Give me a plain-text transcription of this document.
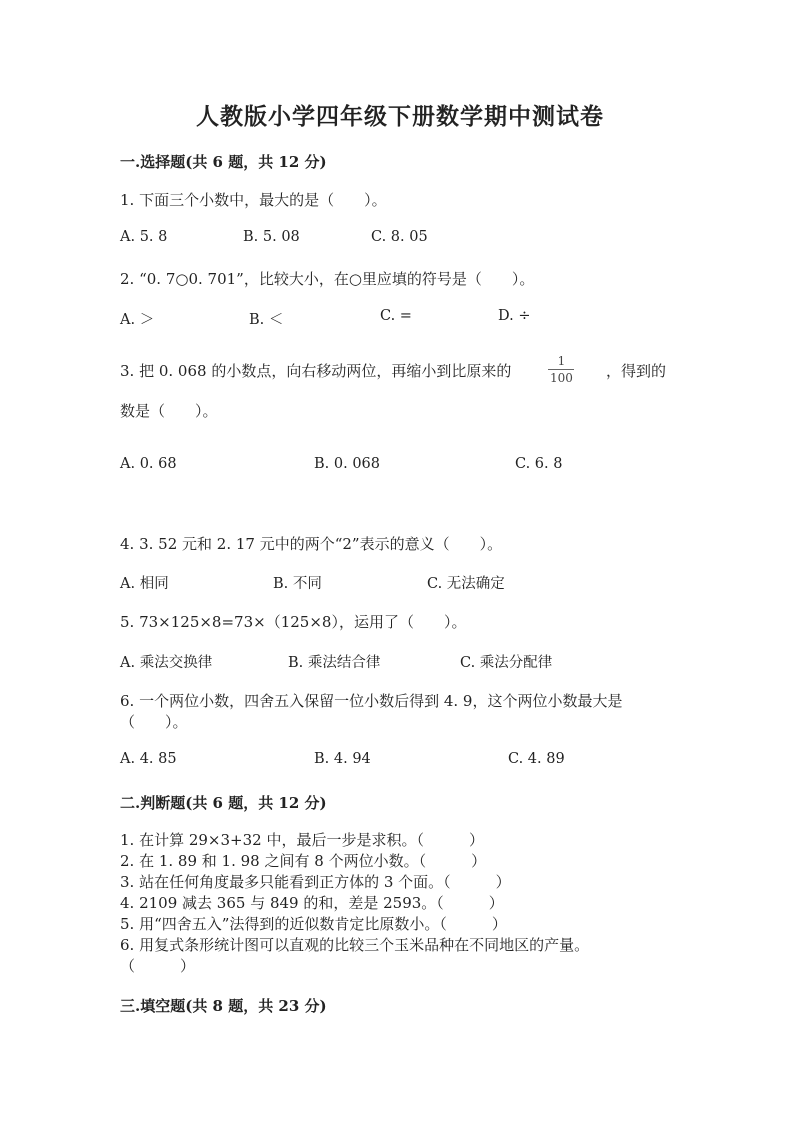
人教版小学四年级下册数学期中测试卷
一.选择题(共 6 题，共 12 分)
1. 下面三个小数中，最大的是（　　）。
A. 5. 8	B. 5. 08	C. 8. 05
2. “0. 7○0. 701”，比较大小，在○里应填的符号是（　　）。
A. ＞	B. ＜	C. =	D. ÷
3. 把 0. 068 的小数点，向右移动两位，再缩小到比原来的
1
100 ，得到的
数是（　　）。
A. 0. 68	B. 0. 068	C. 6. 8
4. 3. 52 元和 2. 17 元中的两个“2”表示的意义（　　）。
A. 相同	B. 不同	C. 无法确定
5. 73×125×8=73×（125×8），运用了（　　）。
A. 乘法交换律	B. 乘法结合律	C. 乘法分配律
6. 一个两位小数，四舍五入保留一位小数后得到 4. 9，这个两位小数最大是
（　　）。
A. 4. 85	B. 4. 94	C. 4. 89
二.判断题(共 6 题，共 12 分)
1. 在计算 29×3+32 中，最后一步是求积。（　　　）
2. 在 1. 89 和 1. 98 之间有 8 个两位小数。（　　　）
3. 站在任何角度最多只能看到正方体的 3 个面。（　　　）
4. 2109 减去 365 与 849 的和，差是 2593。（　　　）
5. 用“四舍五入”法得到的近似数肯定比原数小。（　　　）
6. 用复式条形统计图可以直观的比较三个玉米品种在不同地区的产量。
（　　　）
三.填空题(共 8 题，共 23 分)
